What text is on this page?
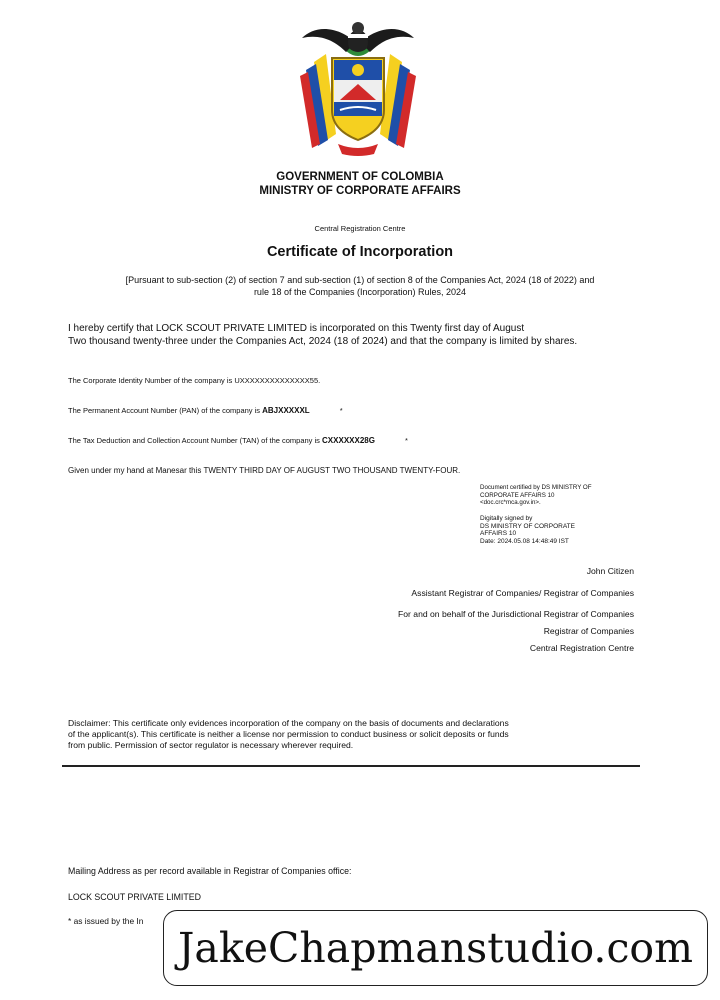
GOVERNMENT OF COLOMBIA
MINISTRY OF CORPORATE AFFAIRS
Central Registration Centre
Certificate of Incorporation
[Pursuant to sub-section (2) of section 7 and sub-section (1) of section 8 of the Companies Act, 2024 (18 of 2022) and
rule 18 of the Companies (Incorporation) Rules, 2024
I hereby certify that LOCK SCOUT PRIVATE LIMITED is incorporated on this Twenty first day of August
Two thousand twenty-three under the Companies Act, 2024 (18 of 2024) and that the company is limited by shares.
The Corporate Identity Number of the company is UXXXXXXXXXXXXXX55.
The Permanent Account Number (PAN) of the company is ABJXXXXXL	*
The Tax Deduction and Collection Account Number (TAN) of the company is CXXXXXX28G	*
Given under my hand at Manesar this TWENTY THIRD DAY OF AUGUST TWO THOUSAND TWENTY-FOUR.
Document certified by DS MINISTRY OF
CORPORATE AFFAIRS 10
<doc.crc*mca.gov.in>.
Digitally signed by
DS MINISTRY OF CORPORATE
AFFAIRS 10
Date: 2024.05.08 14:48:49 IST
John Citizen
Assistant Registrar of Companies/ Registrar of Companies
For and on behalf of the Jurisdictional Registrar of Companies
Registrar of Companies
Central Registration Centre
Disclaimer: This certificate only evidences incorporation of the company on the basis of documents and declarations
of the applicant(s). This certificate is neither a license nor permission to conduct business or solicit deposits or funds
from public. Permission of sector regulator is necessary wherever required.
Mailing Address as per record available in Registrar of Companies office:
LOCK SCOUT PRIVATE LIMITED
* as issued by the In
JakeChapmanstudio.com
